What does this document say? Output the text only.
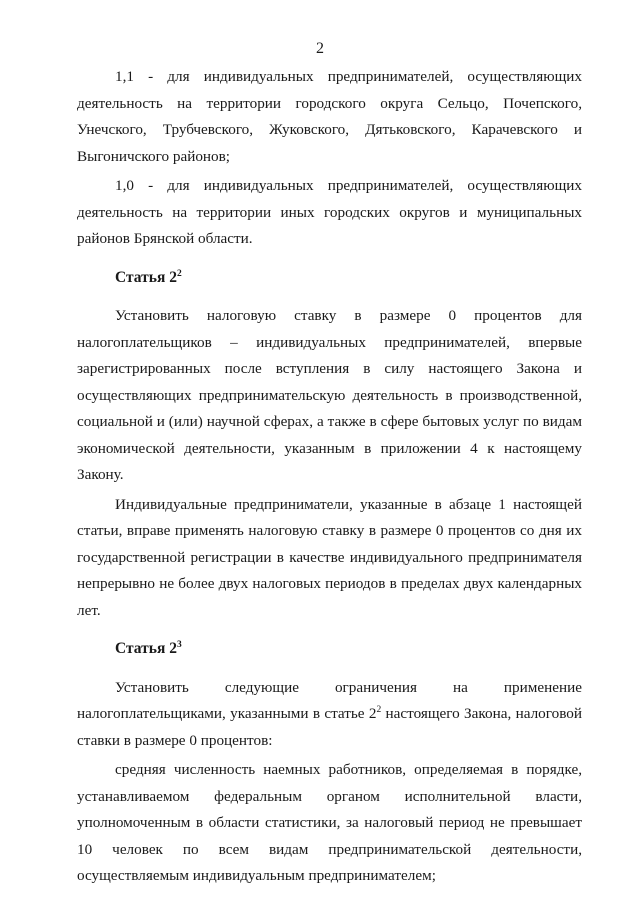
2

1,1 - для индивидуальных предпринимателей, осуществляющих деятельность на территории городского округа Сельцо, Почепского, Унечского, Трубчевского, Жуковского, Дятьковского, Карачевского и Выгоничского районов;

1,0 - для индивидуальных предпринимателей, осуществляющих деятельность на территории иных городских округов и муниципальных районов Брянской области.

Статья $2^2$

Установить налоговую ставку в размере 0 процентов для налогоплательщиков – индивидуальных предпринимателей, впервые зарегистрированных после вступления в силу настоящего Закона и осуществляющих предпринимательскую деятельность в производственной, социальной и (или) научной сферах, а также в сфере бытовых услуг по видам экономической деятельности, указанным в приложении 4 к настоящему Закону.

Индивидуальные предприниматели, указанные в абзаце 1 настоящей статьи, вправе применять налоговую ставку в размере 0 процентов со дня их государственной регистрации в качестве индивидуального предпринимателя непрерывно не более двух налоговых периодов в пределах двух календарных лет.

Статья $2^3$

Установить следующие ограничения на применение налогоплательщиками, указанными в статье $2^2$ настоящего Закона, налоговой ставки в размере 0 процентов:

средняя численность наемных работников, определяемая в порядке, устанавливаемом федеральным органом исполнительной власти, уполномоченным в области статистики, за налоговый период не превышает 10 человек по всем видам предпринимательской деятельности, осуществляемым индивидуальным предпринимателем;
